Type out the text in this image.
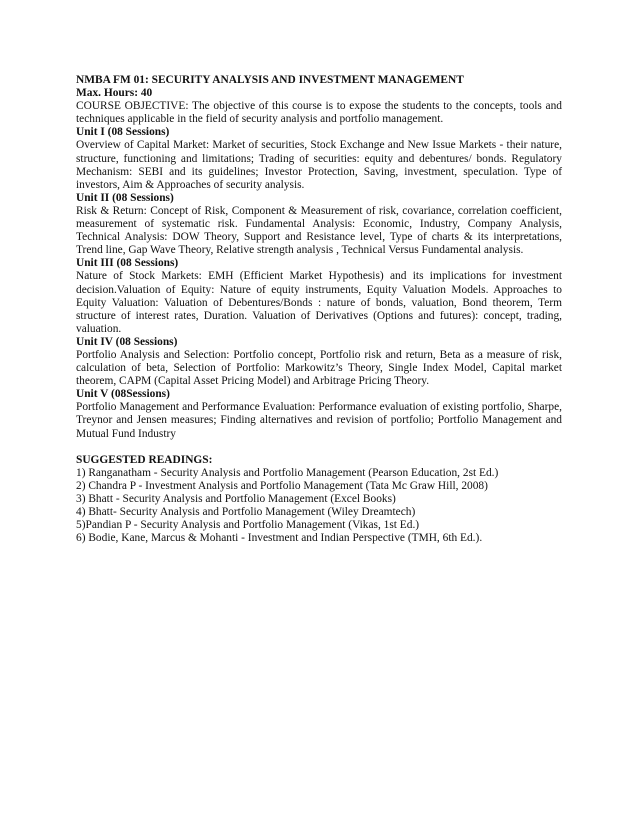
NMBA FM 01: SECURITY ANALYSIS AND INVESTMENT MANAGEMENT

Max. Hours: 40

COURSE OBJECTIVE: The objective of this course is to expose the students to the concepts, tools and techniques applicable in the field of security analysis and portfolio management.

Unit I (08 Sessions)

Overview of Capital Market: Market of securities, Stock Exchange and New Issue Markets - their nature, structure, functioning and limitations; Trading of securities: equity and debentures/ bonds. Regulatory Mechanism: SEBI and its guidelines; Investor Protection, Saving, investment, speculation. Type of investors, Aim & Approaches of security analysis.

Unit II (08 Sessions)

Risk & Return: Concept of Risk, Component & Measurement of risk, covariance, correlation coefficient, measurement of systematic risk. Fundamental Analysis: Economic, Industry, Company Analysis, Technical Analysis: DOW Theory, Support and Resistance level, Type of charts & its interpretations, Trend line, Gap Wave Theory, Relative strength analysis , Technical Versus Fundamental analysis.

Unit III (08 Sessions)

Nature of Stock Markets: EMH (Efficient Market Hypothesis) and its implications for investment decision.Valuation of Equity: Nature of equity instruments, Equity Valuation Models. Approaches to Equity Valuation: Valuation of Debentures/Bonds : nature of bonds, valuation, Bond theorem, Term structure of interest rates, Duration. Valuation of Derivatives (Options and futures): concept, trading, valuation.

Unit IV (08 Sessions)

Portfolio Analysis and Selection: Portfolio concept, Portfolio risk and return, Beta as a measure of risk, calculation of beta, Selection of Portfolio: Markowitz’s Theory, Single Index Model, Capital market theorem, CAPM (Capital Asset Pricing Model) and Arbitrage Pricing Theory.

Unit V (08Sessions)

Portfolio Management and Performance Evaluation: Performance evaluation of existing portfolio, Sharpe, Treynor and Jensen measures; Finding alternatives and revision of portfolio; Portfolio Management and Mutual Fund Industry

SUGGESTED READINGS:

1) Ranganatham - Security Analysis and Portfolio Management (Pearson Education, 2st Ed.)

2) Chandra P - Investment Analysis and Portfolio Management (Tata Mc Graw Hill, 2008)

3) Bhatt - Security Analysis and Portfolio Management (Excel Books)

4) Bhatt- Security Analysis and Portfolio Management (Wiley Dreamtech)

5)Pandian P - Security Analysis and Portfolio Management (Vikas, 1st Ed.)

6) Bodie, Kane, Marcus & Mohanti - Investment and Indian Perspective (TMH, 6th Ed.).
